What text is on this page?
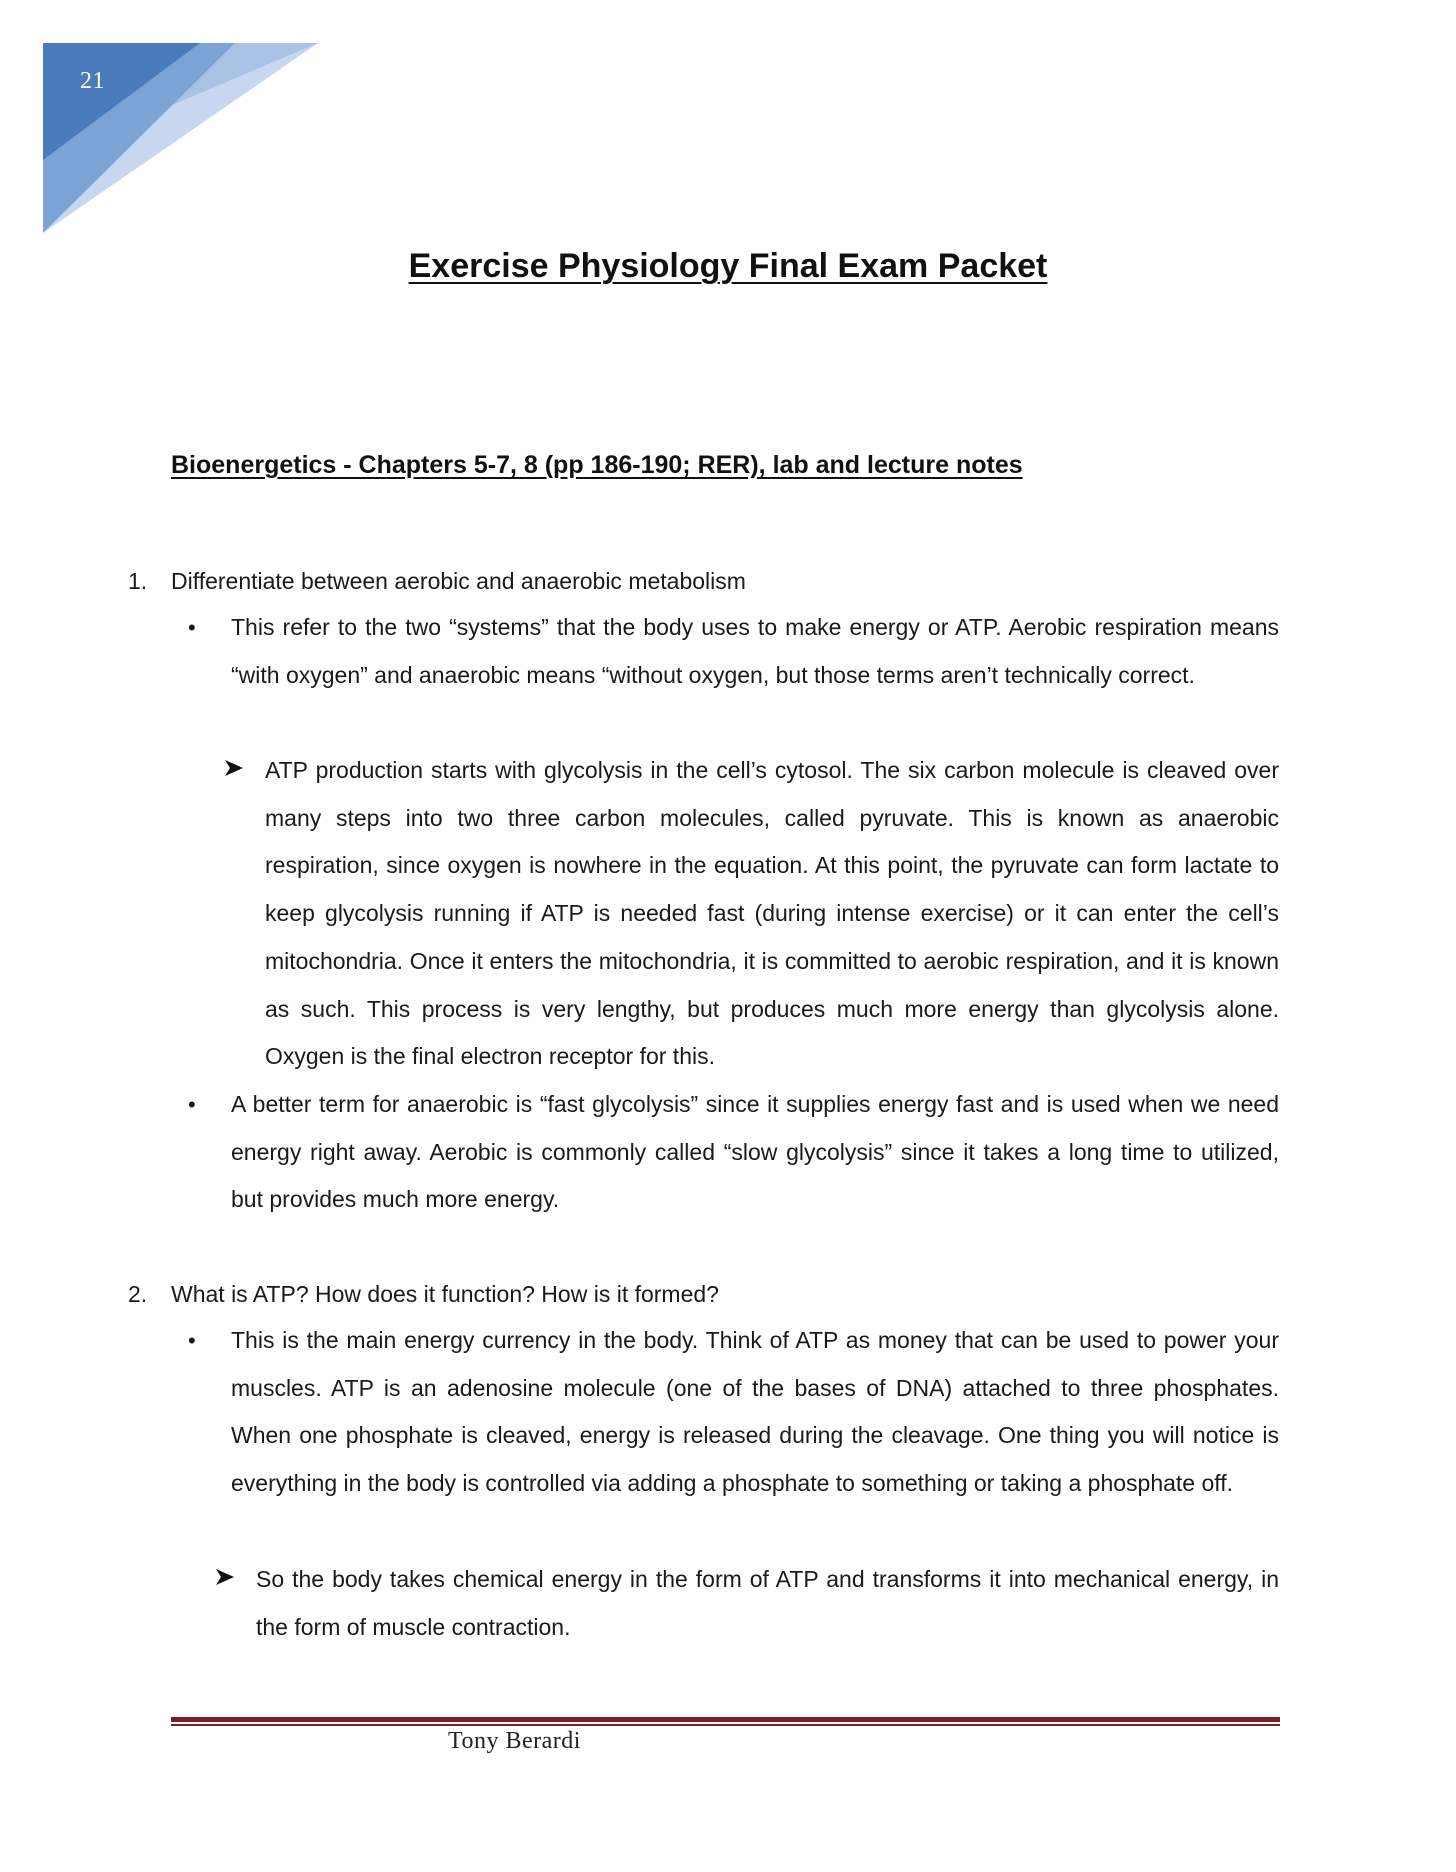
21
Exercise Physiology Final Exam Packet
Bioenergetics - Chapters 5-7, 8 (pp 186-190; RER), lab and lecture notes
1. Differentiate between aerobic and anaerobic metabolism
• This refer to the two “systems” that the body uses to make energy or ATP. Aerobic respiration means “with oxygen” and anaerobic means “without oxygen, but those terms aren’t technically correct.
ATP production starts with glycolysis in the cell’s cytosol. The six carbon molecule is cleaved over many steps into two three carbon molecules, called pyruvate. This is known as anaerobic respiration, since oxygen is nowhere in the equation. At this point, the pyruvate can form lactate to keep glycolysis running if ATP is needed fast (during intense exercise) or it can enter the cell’s mitochondria. Once it enters the mitochondria, it is committed to aerobic respiration, and it is known as such. This process is very lengthy, but produces much more energy than glycolysis alone. Oxygen is the final electron receptor for this.
• A better term for anaerobic is “fast glycolysis” since it supplies energy fast and is used when we need energy right away. Aerobic is commonly called “slow glycolysis” since it takes a long time to utilized, but provides much more energy.
2. What is ATP? How does it function? How is it formed?
• This is the main energy currency in the body. Think of ATP as money that can be used to power your muscles. ATP is an adenosine molecule (one of the bases of DNA) attached to three phosphates. When one phosphate is cleaved, energy is released during the cleavage. One thing you will notice is everything in the body is controlled via adding a phosphate to something or taking a phosphate off.
So the body takes chemical energy in the form of ATP and transforms it into mechanical energy, in the form of muscle contraction.
Tony Berardi
